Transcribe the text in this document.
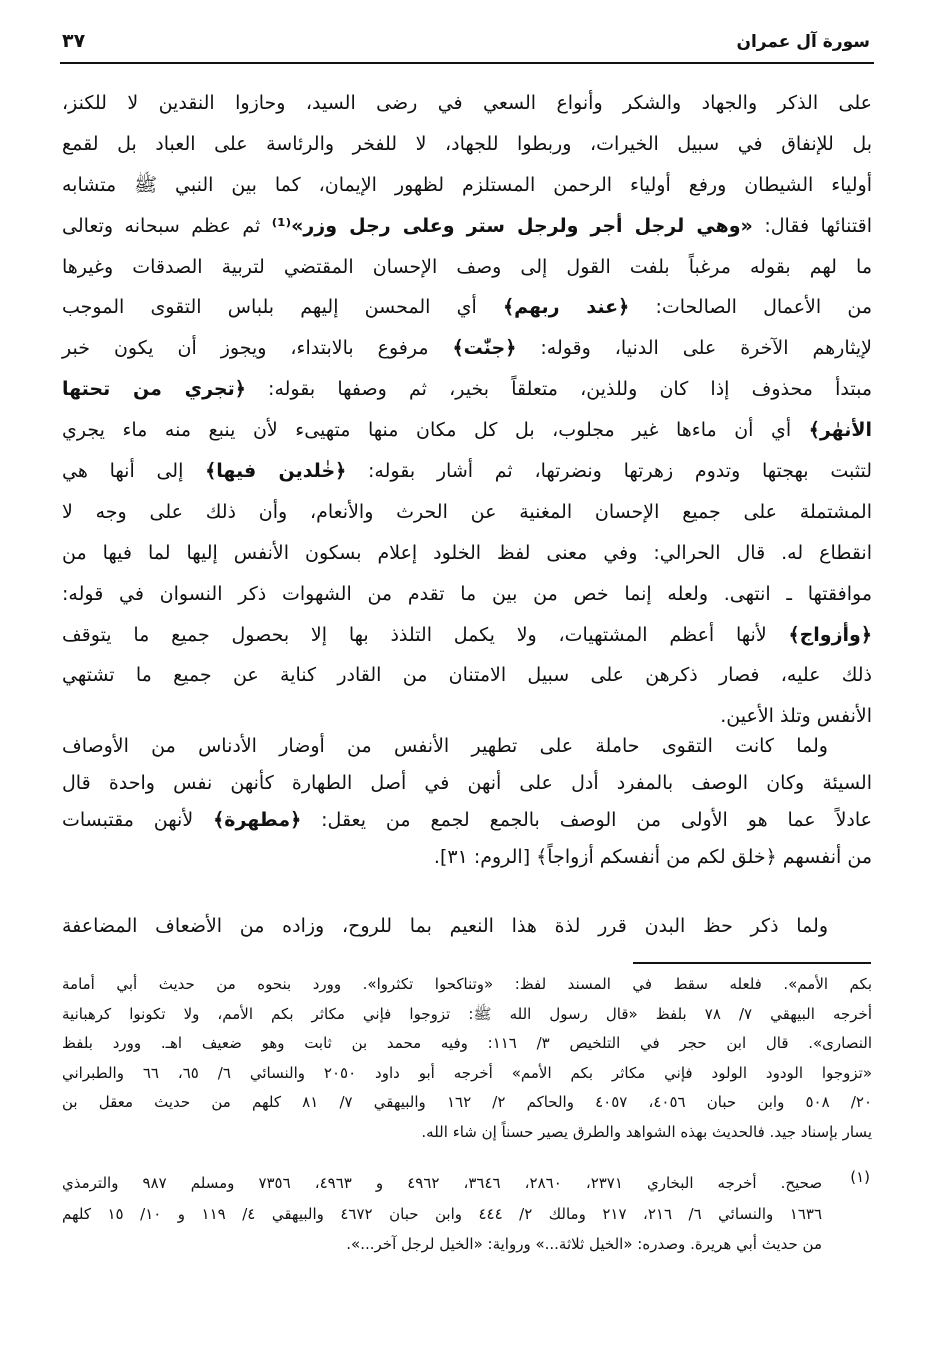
سورة آل عمران
٣٧
على الذكر والجهاد والشكر وأنواع السعي في رضى السيد، وحازوا النقدين لا للكنز،
بل للإنفاق في سبيل الخيرات، وربطوا للجهاد، لا للفخر والرئاسة على العباد بل لقمع
أولياء الشيطان ورفع أولياء الرحمن المستلزم لظهور الإيمان، كما بين النبي ﷺ متشابه
اقتنائها فقال: «وهي لرجل أجر ولرجل ستر وعلى رجل وزر»⁽¹⁾ ثم عظم سبحانه وتعالى
ما لهم بقوله مرغباً بلفت القول إلى وصف الإحسان المقتضي لتربية الصدقات وغيرها
من الأعمال الصالحات: ﴿عند ربهم﴾ أي المحسن إليهم بلباس التقوى الموجب
لإيثارهم الآخرة على الدنيا، وقوله: ﴿جنّٰت﴾ مرفوع بالابتداء، ويجوز أن يكون خبر
مبتدأ محذوف إذا كان وللذين، متعلقاً بخير، ثم وصفها بقوله: ﴿تجري من تحتها
الأنهٰر﴾ أي أن ماءها غير مجلوب، بل كل مكان منها متهيىء لأن ينبع منه ماء يجري
لتثبت بهجتها وتدوم زهرتها ونضرتها، ثم أشار بقوله: ﴿خٰلدين فيها﴾ إلى أنها هي
المشتملة على جميع الإحسان المغنية عن الحرث والأنعام، وأن ذلك على وجه لا
انقطاع له. قال الحرالي: وفي معنى لفظ الخلود إعلام بسكون الأنفس إليها لما فيها من
موافقتها ـ انتهى. ولعله إنما خص من بين ما تقدم من الشهوات ذكر النسوان في قوله:
﴿وأزواج﴾ لأنها أعظم المشتهيات، ولا يكمل التلذذ بها إلا بحصول جميع ما يتوقف
ذلك عليه، فصار ذكرهن على سبيل الامتنان من القادر كناية عن جميع ما تشتهي
الأنفس وتلذ الأعين.
ولما كانت التقوى حاملة على تطهير الأنفس من أوضار الأدناس من الأوصاف
السيئة وكان الوصف بالمفرد أدل على أنهن في أصل الطهارة كأنهن نفس واحدة قال
عادلاً عما هو الأولى من الوصف بالجمع لجمع من يعقل: ﴿مطهرة﴾ لأنهن مقتبسات
من أنفسهم ﴿خلق لكم من أنفسكم أزواجاً﴾ [الروم: ٣١].
ولما ذكر حظ البدن قرر لذة هذا النعيم بما للروح، وزاده من الأضعاف المضاعفة
بكم الأمم». فلعله سقط في المسند لفظ: «وتناكحوا تكثروا». وورد بنحوه من حديث أبي أمامة
أخرجه البيهقي ٧/ ٧٨ بلفظ «قال رسول الله ﷺ: تزوجوا فإني مكاثر بكم الأمم، ولا تكونوا كرهبانية
النصارى». قال ابن حجر في التلخيص ٣/ ١١٦: وفيه محمد بن ثابت وهو ضعيف اهـ. وورد بلفظ
«تزوجوا الودود الولود فإني مكاثر بكم الأمم» أخرجه أبو داود ٢٠٥٠ والنسائي ٦/ ٦٥، ٦٦ والطبراني
٢٠/ ٥٠٨ وابن حبان ٤٠٥٦، ٤٠٥٧ والحاكم ٢/ ١٦٢ والبيهقي ٧/ ٨١ كلهم من حديث معقل بن
يسار بإسناد جيد. فالحديث بهذه الشواهد والطرق يصير حسناً إن شاء الله.
(١)
صحيح. أخرجه البخاري ٢٣٧١، ٢٨٦٠، ٣٦٤٦، ٤٩٦٢ و ٤٩٦٣، ٧٣٥٦ ومسلم ٩٨٧ والترمذي
١٦٣٦ والنسائي ٦/ ٢١٦، ٢١٧ ومالك ٢/ ٤٤٤ وابن حبان ٤٦٧٢ والبيهقي ٤/ ١١٩ و ١٠/ ١٥ كلهم
من حديث أبي هريرة. وصدره: «الخيل ثلاثة...» ورواية: «الخيل لرجل آخر...».
